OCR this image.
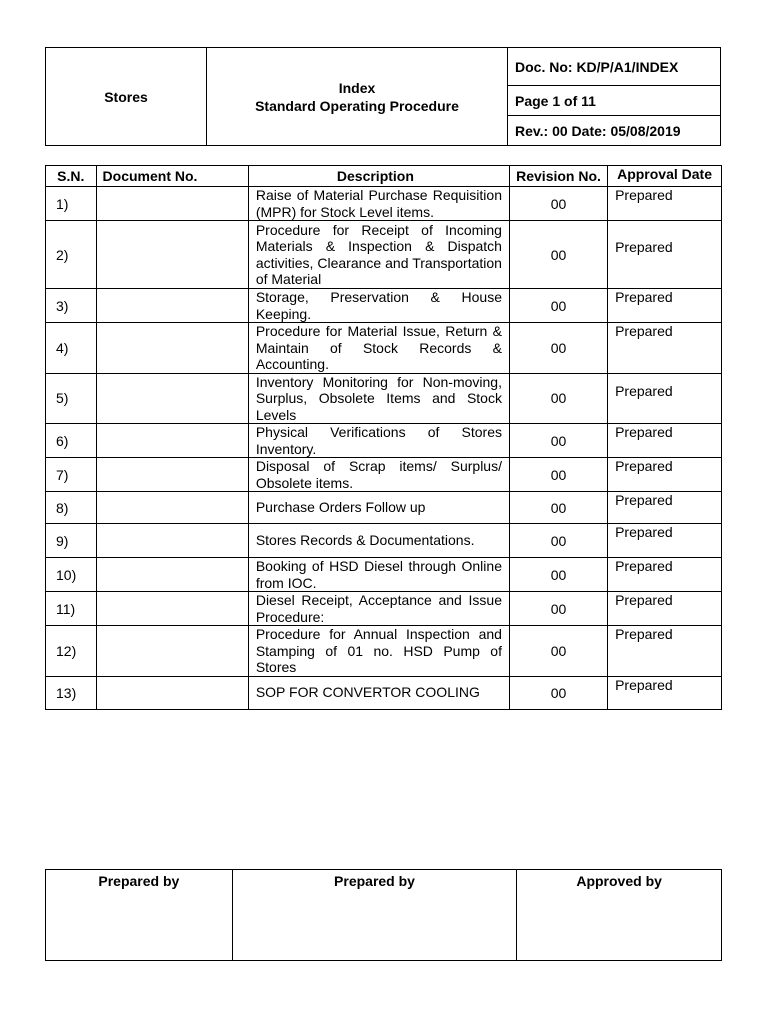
Stores	
Index
Standard Operating Procedure
	Doc. No: KD/P/A1/INDEX
Page 1 of 11
Rev.: 00 Date: 05/08/2019
S.N.	Document No.	Description	Revision No.	Approval Date
1)		Raise of Material Purchase Requisition (MPR) for Stock Level items.	00	Prepared
2)		Procedure for Receipt of Incoming Materials & Inspection & Dispatch activities, Clearance and Transportation of Material	00	Prepared
3)		Storage, Preservation & House Keeping.	00	Prepared
4)		Procedure for Material Issue, Return & Maintain of Stock Records & Accounting.	00	Prepared
5)		Inventory Monitoring for Non-moving, Surplus, Obsolete Items and Stock Levels	00	Prepared
6)		Physical Verifications of Stores Inventory.	00	Prepared
7)		Disposal of Scrap items/ Surplus/ Obsolete items.	00	Prepared
8)		Purchase Orders Follow up	00	Prepared
9)		Stores Records & Documentations.	00	Prepared
10)		Booking of HSD Diesel through Online from IOC.	00	Prepared
11)		Diesel Receipt, Acceptance and Issue Procedure:	00	Prepared
12)		Procedure for Annual Inspection and Stamping of 01 no. HSD Pump of Stores	00	Prepared
13)		SOP FOR CONVERTOR COOLING	00	Prepared
Prepared by	Prepared by	Approved by
